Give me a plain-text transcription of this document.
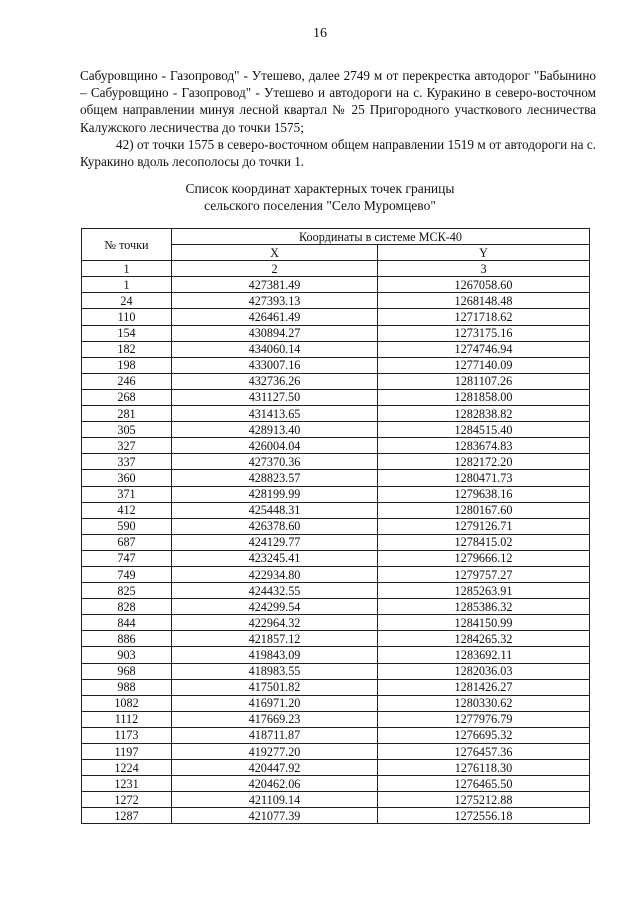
16

Сабуровщино - Газопровод" - Утешево, далее 2749 м от перекрестка автодорог "Бабынино – Сабуровщино - Газопровод" - Утешево и автодороги на с. Куракино в северо-восточном общем направлении минуя лесной квартал № 25 Пригородного участкового лесничества Калужского лесничества до точки 1575;

42) от точки 1575 в северо-восточном общем направлении 1519 м от автодороги на с. Куракино вдоль лесополосы до точки 1.

Список координат характерных точек границы
сельского поселения "Село Муромцево"
№ точки	Координаты в системе МСК-40	
	X	Y
1	2	3
1	427381.49	1267058.60
24	427393.13	1268148.48
110	426461.49	1271718.62
154	430894.27	1273175.16
182	434060.14	1274746.94
198	433007.16	1277140.09
246	432736.26	1281107.26
268	431127.50	1281858.00
281	431413.65	1282838.82
305	428913.40	1284515.40
327	426004.04	1283674.83
337	427370.36	1282172.20
360	428823.57	1280471.73
371	428199.99	1279638.16
412	425448.31	1280167.60
590	426378.60	1279126.71
687	424129.77	1278415.02
747	423245.41	1279666.12
749	422934.80	1279757.27
825	424432.55	1285263.91
828	424299.54	1285386.32
844	422964.32	1284150.99
886	421857.12	1284265.32
903	419843.09	1283692.11
968	418983.55	1282036.03
988	417501.82	1281426.27
1082	416971.20	1280330.62
1112	417669.23	1277976.79
1173	418711.87	1276695.32
1197	419277.20	1276457.36
1224	420447.92	1276118.30
1231	420462.06	1276465.50
1272	421109.14	1275212.88
1287	421077.39	1272556.18
